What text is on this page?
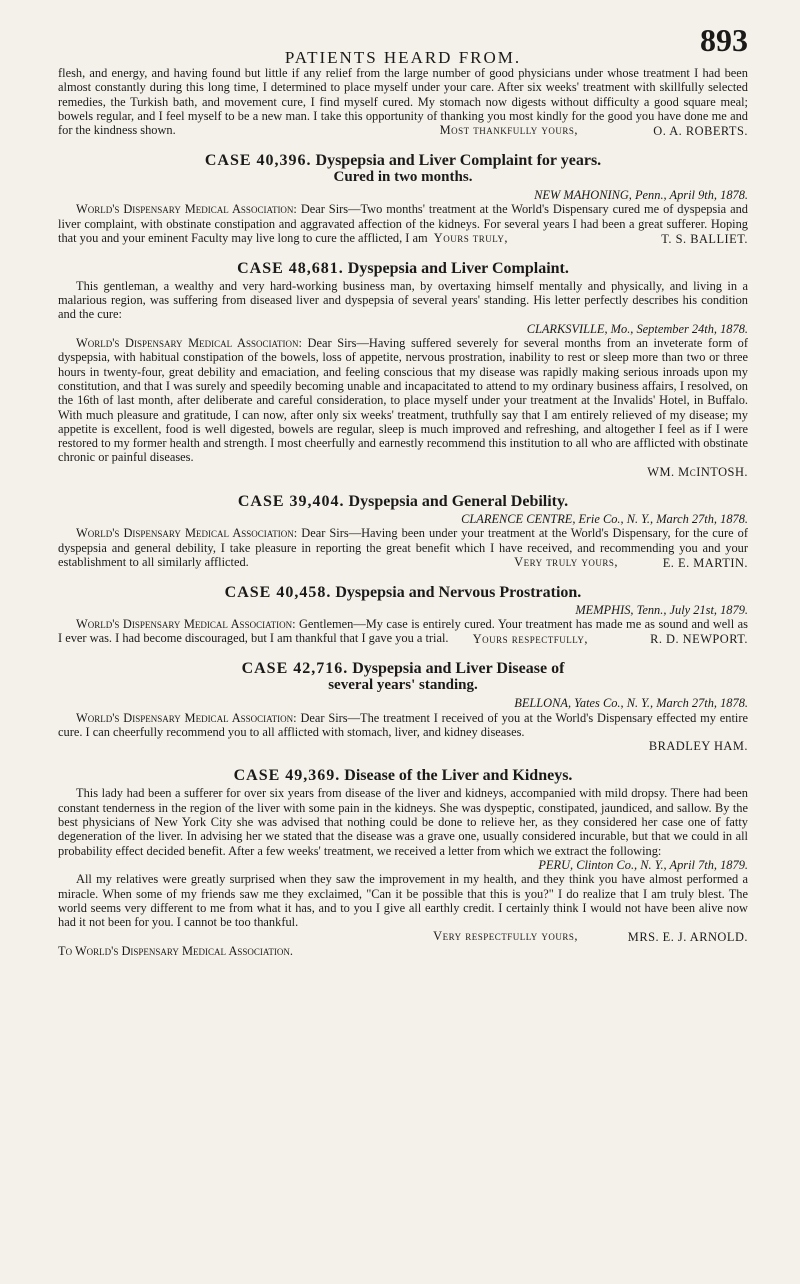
PATIENTS HEARD FROM.	893

flesh, and energy, and having found but little if any relief from the large number of good physicians under whose treatment I had been almost constantly during this long time, I determined to place myself under your care. After six weeks' treatment with skillfully selected remedies, the Turkish bath, and movement cure, I find myself cured. My stomach now digests without difficulty a good square meal; bowels regular, and I feel myself to be a new man. I take this opportunity of thanking you most kindly for the good you have done me and for the kindness shown.	Most thankfully yours,	O. A. ROBERTS.

CASE 40,396. Dyspepsia and Liver Complaint for years.
Cured in two months.

NEW MAHONING, Penn., April 9th, 1878.

World's Dispensary Medical Association: Dear Sirs—Two months' treatment at the World's Dispensary cured me of dyspepsia and liver complaint, with obstinate constipation and aggravated affection of the kidneys. For several years I had been a great sufferer. Hoping that you and your eminent Faculty may live long to cure the afflicted, I am Yours truly,	T. S. BALLIET.

CASE 48,681. Dyspepsia and Liver Complaint.

This gentleman, a wealthy and very hard-working business man, by overtaxing himself mentally and physically, and living in a malarious region, was suffering from diseased liver and dyspepsia of several years' standing. His letter perfectly describes his condition and the cure:

CLARKSVILLE, Mo., September 24th, 1878.

World's Dispensary Medical Association: Dear Sirs—Having suffered severely for several months from an inveterate form of dyspepsia, with habitual constipation of the bowels, loss of appetite, nervous prostration, inability to rest or sleep more than two or three hours in twenty-four, great debility and emaciation, and feeling conscious that my disease was rapidly making serious inroads upon my constitution, and that I was surely and speedily becoming unable and incapacitated to attend to my ordinary business affairs, I resolved, on the 16th of last month, after deliberate and careful consideration, to place myself under your treatment at the Invalids' Hotel, in Buffalo. With much pleasure and gratitude, I can now, after only six weeks' treatment, truthfully say that I am entirely relieved of my disease; my appetite is excellent, food is well digested, bowels are regular, sleep is much improved and refreshing, and altogether I feel as if I were restored to my former health and strength. I most cheerfully and earnestly recommend this institution to all who are afflicted with obstinate chronic or painful diseases.

WM. McINTOSH.

CASE 39,404. Dyspepsia and General Debility.

CLARENCE CENTRE, Erie Co., N. Y., March 27th, 1878.

World's Dispensary Medical Association: Dear Sirs—Having been under your treatment at the World's Dispensary, for the cure of dyspepsia and general debility, I take pleasure in reporting the great benefit which I have received, and recommending you and your establishment to all similarly afflicted.	Very truly yours,	E. E. MARTIN.

CASE 40,458. Dyspepsia and Nervous Prostration.

MEMPHIS, Tenn., July 21st, 1879.

World's Dispensary Medical Association: Gentlemen—My case is entirely cured. Your treatment has made me as sound and well as I ever was. I had become discouraged, but I am thankful that I gave you a trial.	Yours respectfully,	R. D. NEWPORT.

CASE 42,716. Dyspepsia and Liver Disease of
several years' standing.

BELLONA, Yates Co., N. Y., March 27th, 1878.

World's Dispensary Medical Association: Dear Sirs—The treatment I received of you at the World's Dispensary effected my entire cure. I can cheerfully recommend you to all afflicted with stomach, liver, and kidney diseases.

BRADLEY HAM.

CASE 49,369. Disease of the Liver and Kidneys.

This lady had been a sufferer for over six years from disease of the liver and kidneys, accompanied with mild dropsy. There had been constant tenderness in the region of the liver with some pain in the kidneys. She was dyspeptic, constipated, jaundiced, and sallow. By the best physicians of New York City she was advised that nothing could be done to relieve her, as they considered her case one of fatty degeneration of the liver. In advising her we stated that the disease was a grave one, usually considered incurable, but that we could in all probability effect decided benefit. After a few weeks' treatment, we received a letter from which we extract the following:

PERU, Clinton Co., N. Y., April 7th, 1879.

All my relatives were greatly surprised when they saw the improvement in my health, and they think you have almost performed a miracle. When some of my friends saw me they exclaimed, "Can it be possible that this is you?" I do realize that I am truly blest. The world seems very different to me from what it has, and to you I give all earthly credit. I certainly think I would not have been alive now had it not been for you. I cannot be too thankful.

Very respectfully yours,	MRS. E. J. ARNOLD.

To World's Dispensary Medical Association.
